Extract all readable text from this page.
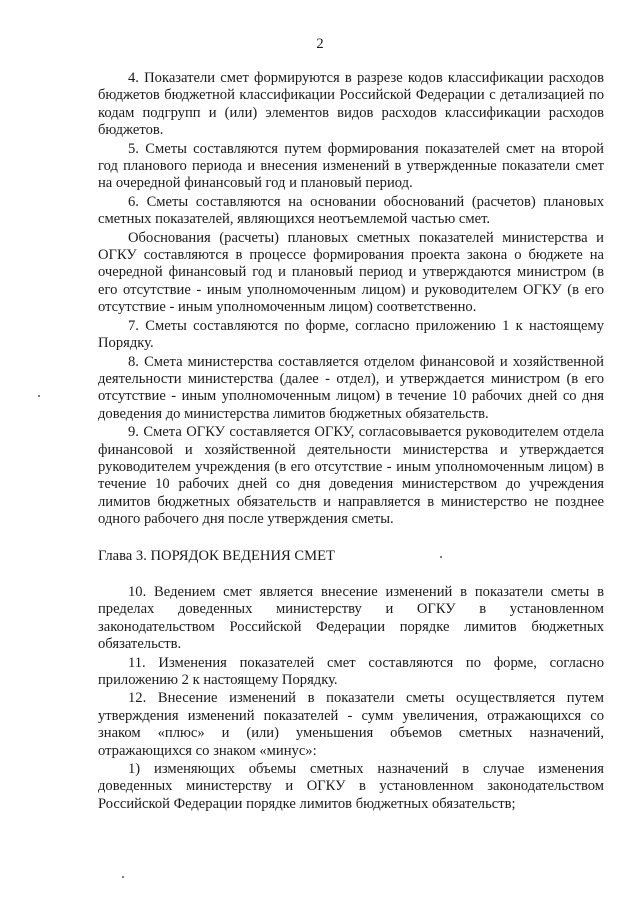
2

4. Показатели смет формируются в разрезе кодов классификации расходов бюджетов бюджетной классификации Российской Федерации с детализацией по кодам подгрупп и (или) элементов видов расходов классификации расходов бюджетов.

5. Сметы составляются путем формирования показателей смет на второй год планового периода и внесения изменений в утвержденные показатели смет на очередной финансовый год и плановый период.

6. Сметы составляются на основании обоснований (расчетов) плановых сметных показателей, являющихся неотъемлемой частью смет.

Обоснования (расчеты) плановых сметных показателей министерства и ОГКУ составляются в процессе формирования проекта закона о бюджете на очередной финансовый год и плановый период и утверждаются министром (в его отсутствие - иным уполномоченным лицом) и руководителем ОГКУ (в его отсутствие - иным уполномоченным лицом) соответственно.

7. Сметы составляются по форме, согласно приложению 1 к настоящему Порядку.

8. Смета министерства составляется отделом финансовой и хозяйственной деятельности министерства (далее - отдел), и утверждается министром (в его отсутствие - иным уполномоченным лицом) в течение 10 рабочих дней со дня доведения до министерства лимитов бюджетных обязательств.

9. Смета ОГКУ составляется ОГКУ, согласовывается руководителем отдела финансовой и хозяйственной деятельности министерства и утверждается руководителем учреждения (в его отсутствие - иным уполномоченным лицом) в течение 10 рабочих дней со дня доведения министерством до учреждения лимитов бюджетных обязательств и направляется в министерство не позднее одного рабочего дня после утверждения сметы.

Глава 3. ПОРЯДОК ВЕДЕНИЯ СМЕТ

10. Ведением смет является внесение изменений в показатели сметы в пределах доведенных министерству и ОГКУ в установленном законодательством Российской Федерации порядке лимитов бюджетных обязательств.

11. Изменения показателей смет составляются по форме, согласно приложению 2 к настоящему Порядку.

12. Внесение изменений в показатели сметы осуществляется путем утверждения изменений показателей - сумм увеличения, отражающихся со знаком «плюс» и (или) уменьшения объемов сметных назначений, отражающихся со знаком «минус»:

1) изменяющих объемы сметных назначений в случае изменения доведенных министерству и ОГКУ в установленном законодательством Российской Федерации порядке лимитов бюджетных обязательств;
